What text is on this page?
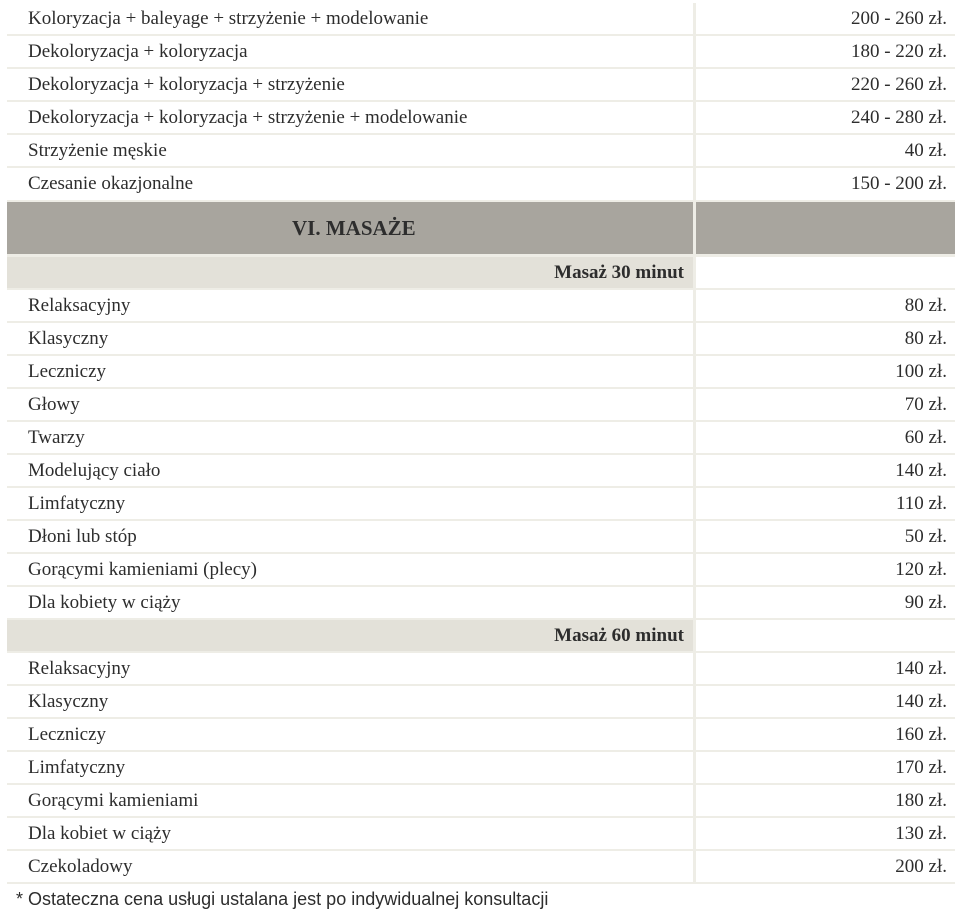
Koloryzacja + baleyage + strzyżenie + modelowanie	200 - 260 zł.
Dekoloryzacja + koloryzacja	180 - 220 zł.
Dekoloryzacja + koloryzacja + strzyżenie	220 - 260 zł.
Dekoloryzacja + koloryzacja + strzyżenie + modelowanie	240 - 280 zł.
Strzyżenie męskie	40 zł.
Czesanie okazjonalne	150 - 200 zł.
VI. MASAŻE
Masaż 30 minut
Relaksacyjny	80 zł.
Klasyczny	80 zł.
Leczniczy	100 zł.
Głowy	70 zł.
Twarzy	60 zł.
Modelujący ciało	140 zł.
Limfatyczny	110 zł.
Dłoni lub stóp	50 zł.
Gorącymi kamieniami (plecy)	120 zł.
Dla kobiety w ciąży	90 zł.
Masaż 60 minut
Relaksacyjny	140 zł.
Klasyczny	140 zł.
Leczniczy	160 zł.
Limfatyczny	170 zł.
Gorącymi kamieniami	180 zł.
Dla kobiet w ciąży	130 zł.
Czekoladowy	200 zł.
* Ostateczna cena usługi ustalana jest po indywidualnej konsultacji
